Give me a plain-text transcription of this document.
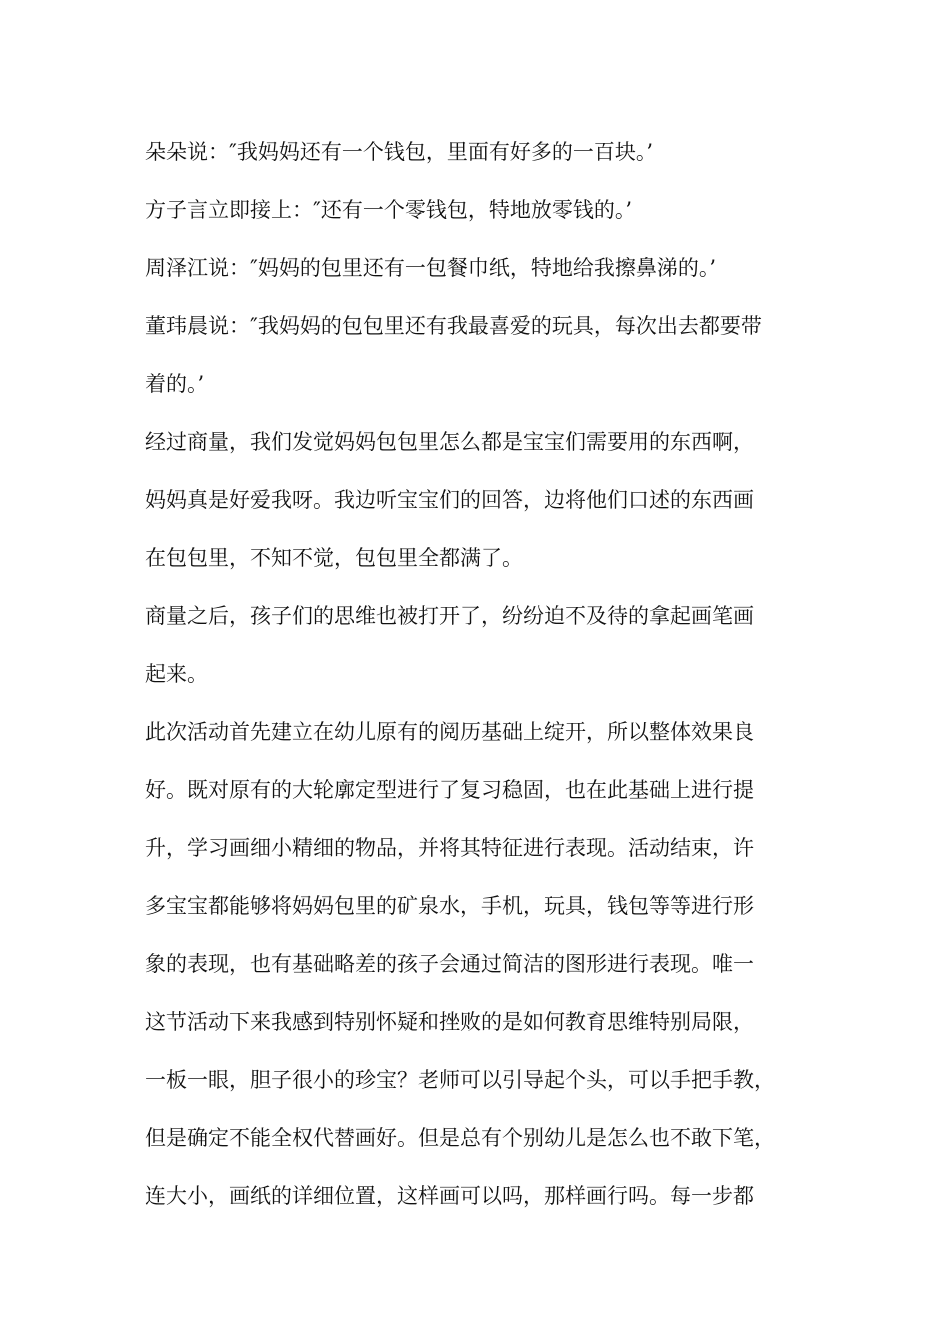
朵朵说：″我妈妈还有一个钱包，里面有好多的一百块。’
方子言立即接上：″还有一个零钱包，特地放零钱的。’
周泽江说：″妈妈的包里还有一包餐巾纸，特地给我擦鼻涕的。’
董玮晨说：″我妈妈的包包里还有我最喜爱的玩具，每次出去都要带
着的。’
经过商量，我们发觉妈妈包包里怎么都是宝宝们需要用的东西啊，
妈妈真是好爱我呀。我边听宝宝们的回答，边将他们口述的东西画
在包包里，不知不觉，包包里全都满了。
商量之后，孩子们的思维也被打开了，纷纷迫不及待的拿起画笔画
起来。
此次活动首先建立在幼儿原有的阅历基础上绽开，所以整体效果良
好。既对原有的大轮廓定型进行了复习稳固，也在此基础上进行提
升，学习画细小精细的物品，并将其特征进行表现。活动结束，许
多宝宝都能够将妈妈包里的矿泉水，手机，玩具，钱包等等进行形
象的表现，也有基础略差的孩子会通过简洁的图形进行表现。唯一
这节活动下来我感到特别怀疑和挫败的是如何教育思维特别局限，
一板一眼，胆子很小的珍宝？老师可以引导起个头，可以手把手教，
但是确定不能全权代替画好。但是总有个别幼儿是怎么也不敢下笔，
连大小，画纸的详细位置，这样画可以吗，那样画行吗。每一步都
